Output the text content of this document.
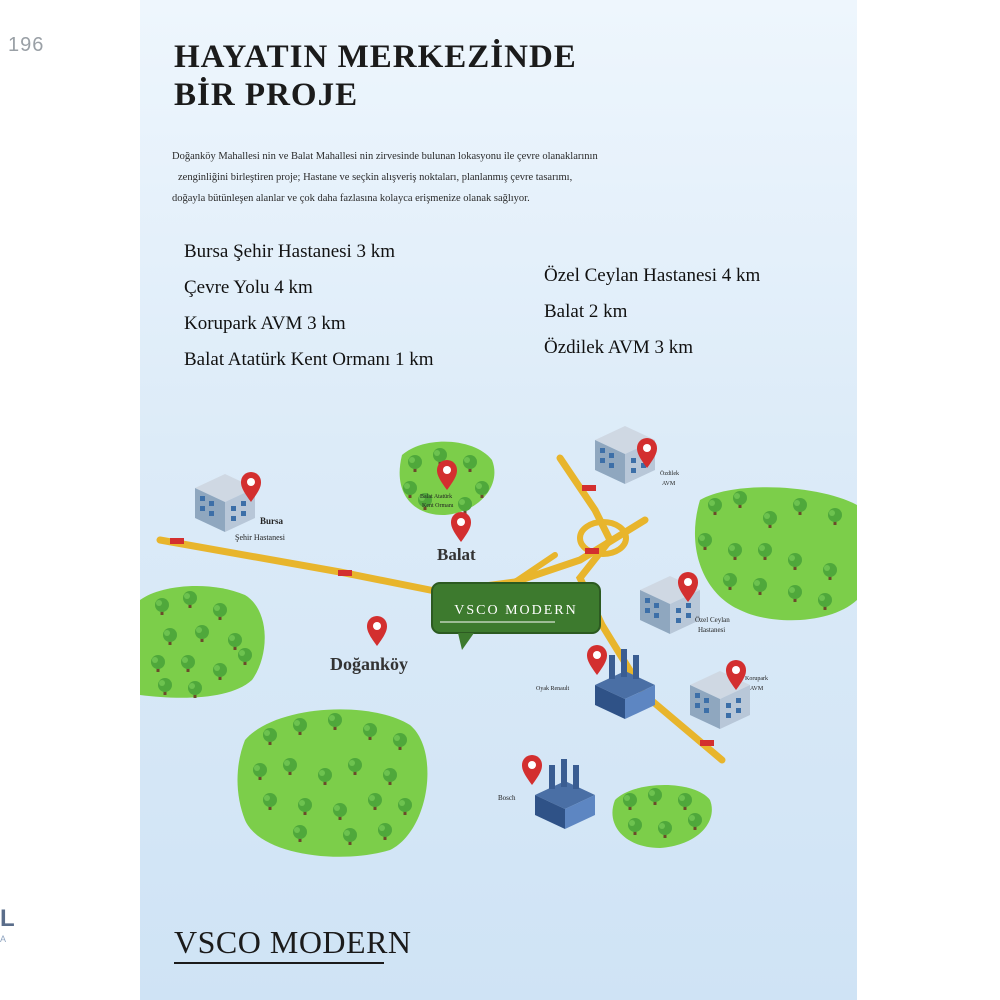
196
L
A
HAYATIN MERKEZİNDE
BİR PROJE

Doğanköy Mahallesi nin ve Balat Mahallesi nin zirvesinde bulunan lokasyonu ile çevre olanaklarının
zenginliğini birleştiren proje; Hastane ve seçkin alışveriş noktaları, planlanmış çevre tasarımı,
doğayla bütünleşen alanlar ve çok daha fazlasına kolayca erişmenize olanak sağlıyor.

Bursa Şehir Hastanesi 3 km
Çevre Yolu 4 km
Korupark AVM 3 km
Balat Atatürk Kent Ormanı 1 km
Özel Ceylan Hastanesi 4 km
Balat 2 km
Özdilek AVM 3 km
VSCO MODERN
Bursa
Şehir Hastanesi
Balat Atatürk
Kent Ormanı
Balat
Özdilek
AVM
Özel Ceylan
Hastanesi
Korupark
AVM
Oyak Renault
Bosch
Doğanköy
VSCO MODERN
